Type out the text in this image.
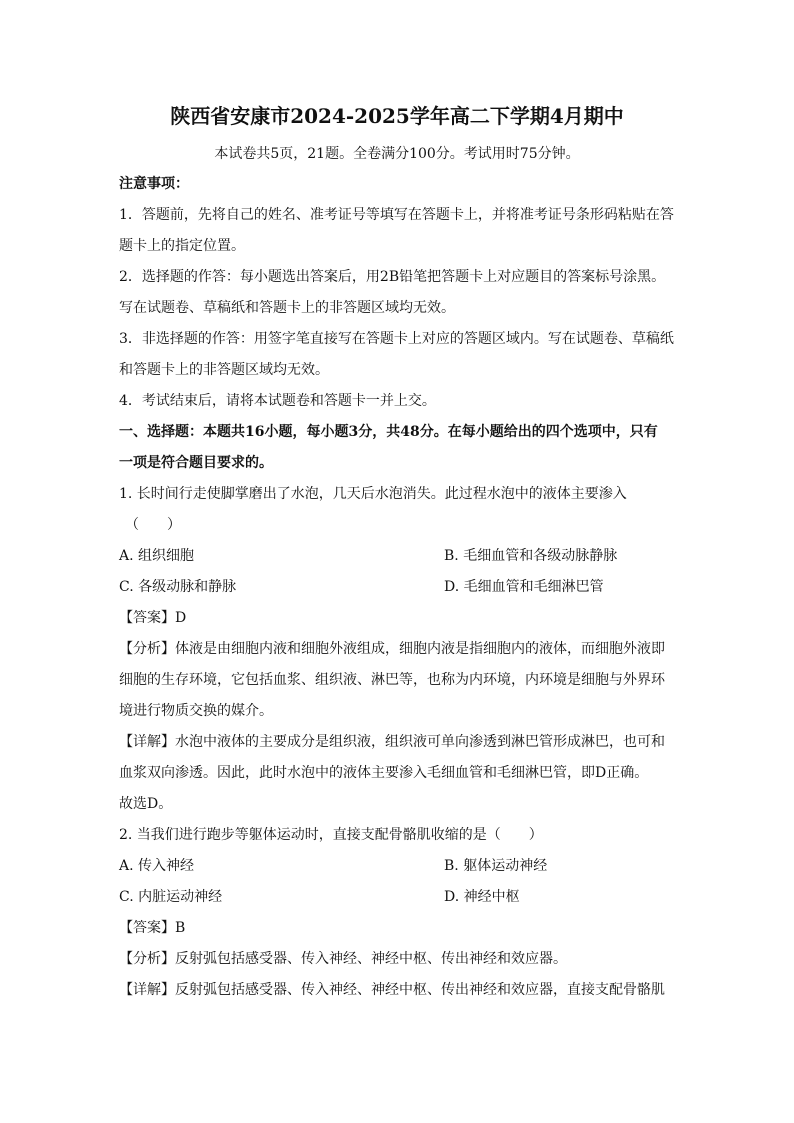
陕西省安康市2024-2025学年高二下学期4月期中
本试卷共5页，21题。全卷满分100分。考试用时75分钟。
注意事项：
1．答题前，先将自己的姓名、准考证号等填写在答题卡上，并将准考证号条形码粘贴在答
题卡上的指定位置。
2．选择题的作答：每小题选出答案后，用2B铅笔把答题卡上对应题目的答案标号涂黑。
写在试题卷、草稿纸和答题卡上的非答题区域均无效。
3．非选择题的作答：用签字笔直接写在答题卡上对应的答题区域内。写在试题卷、草稿纸
和答题卡上的非答题区域均无效。
4．考试结束后，请将本试题卷和答题卡一并上交。
一、选择题：本题共16小题，每小题3分，共48分。在每小题给出的四个选项中，只有
一项是符合题目要求的。
1. 长时间行走使脚掌磨出了水泡，几天后水泡消失。此过程水泡中的液体主要渗入
（　　）
A. 组织细胞	B. 毛细血管和各级动脉静脉
C. 各级动脉和静脉	D. 毛细血管和毛细淋巴管
【答案】D
【分析】体液是由细胞内液和细胞外液组成，细胞内液是指细胞内的液体，而细胞外液即
细胞的生存环境，它包括血浆、组织液、淋巴等，也称为内环境，内环境是细胞与外界环
境进行物质交换的媒介。
【详解】水泡中液体的主要成分是组织液，组织液可单向渗透到淋巴管形成淋巴，也可和
血浆双向渗透。因此，此时水泡中的液体主要渗入毛细血管和毛细淋巴管，即D正确。
故选D。
2. 当我们进行跑步等躯体运动时，直接支配骨骼肌收缩的是（　　）
A. 传入神经	B. 躯体运动神经
C. 内脏运动神经	D. 神经中枢
【答案】B
【分析】反射弧包括感受器、传入神经、神经中枢、传出神经和效应器。
【详解】反射弧包括感受器、传入神经、神经中枢、传出神经和效应器，直接支配骨骼肌
